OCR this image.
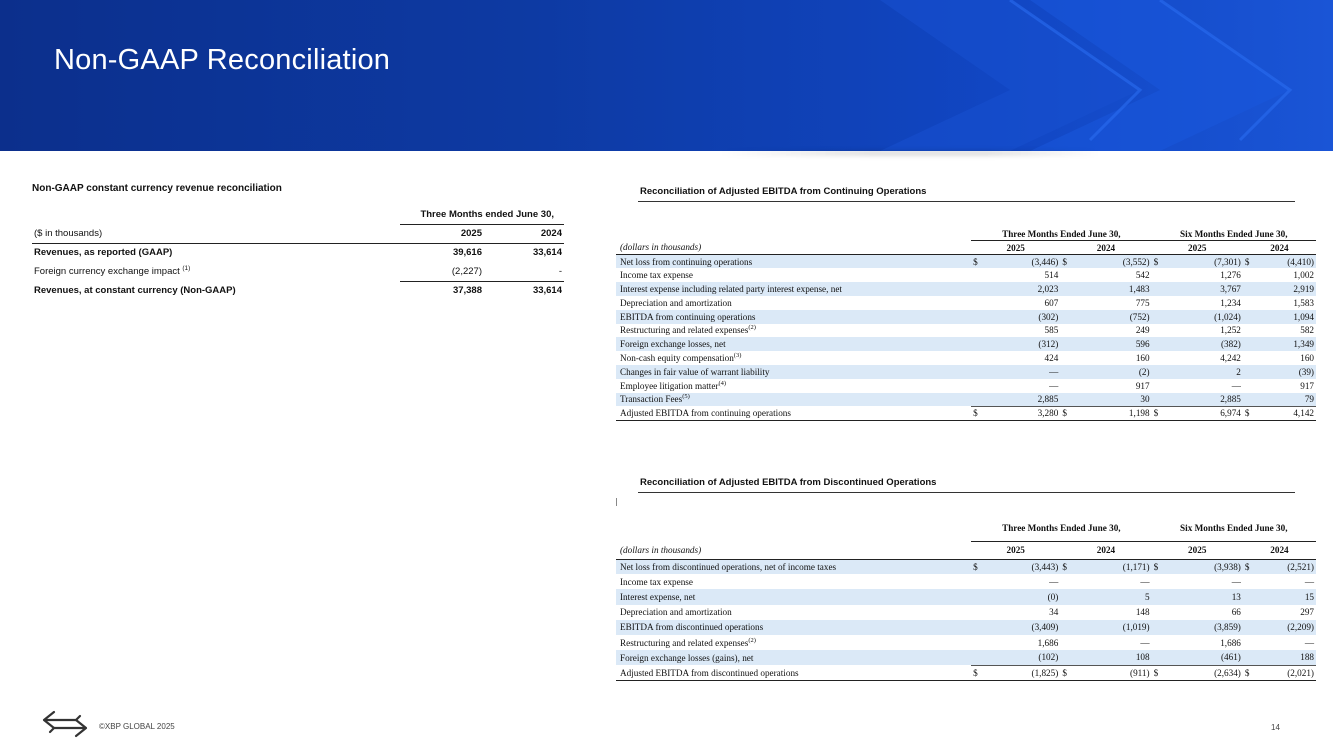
Non-GAAP Reconciliation
Non-GAAP constant currency revenue reconciliation
	Three Months ended June 30,	
($ in thousands)	2025	2024
Revenues, as reported (GAAP)	39,616	33,614
Foreign currency exchange impact $^{(1)}$	(2,227)	-
Revenues, at constant currency (Non-GAAP)	37,388	33,614
Reconciliation of Adjusted EBITDA from Continuing Operations
	Three Months Ended June 30,				Six Months Ended June 30,			
(dollars in thousands)	2025		2024		2025		2024	
Net loss from continuing operations	$	(3,446)	$	(3,552)	$	(7,301)	$	(4,410)
Income tax expense		514		542		1,276		1,002
Interest expense including related party interest expense, net		2,023		1,483		3,767		2,919
Depreciation and amortization		607		775		1,234		1,583
EBITDA from continuing operations		(302)		(752)		(1,024)		1,094
Restructuring and related expenses$^{(2)}$		585		249		1,252		582
Foreign exchange losses, net		(312)		596		(382)		1,349
Non-cash equity compensation$^{(3)}$		424		160		4,242		160
Changes in fair value of warrant liability		—		(2)		2		(39)
Employee litigation matter$^{(4)}$		—		917		—		917
Transaction Fees$^{(5)}$		2,885		30		2,885		79
Adjusted EBITDA from continuing operations	$	3,280	$	1,198	$	6,974	$	4,142
Reconciliation of Adjusted EBITDA from Discontinued Operations
	Three Months Ended June 30,				Six Months Ended June 30,			
(dollars in thousands)	2025		2024		2025		2024	
Net loss from discontinued operations, net of income taxes	$	(3,443)	$	(1,171)	$	(3,938)	$	(2,521)
Income tax expense		—		—		—		—
Interest expense, net		(0)		5		13		15
Depreciation and amortization		34		148		66		297
EBITDA from discontinued operations		(3,409)		(1,019)		(3,859)		(2,209)
Restructuring and related expenses$^{(2)}$		1,686		—		1,686		—
Foreign exchange losses (gains), net		(102)		108		(461)		188
Adjusted EBITDA from discontinued operations	$	(1,825)	$	(911)	$	(2,634)	$	(2,021)
©XBP GLOBAL 2025	14
